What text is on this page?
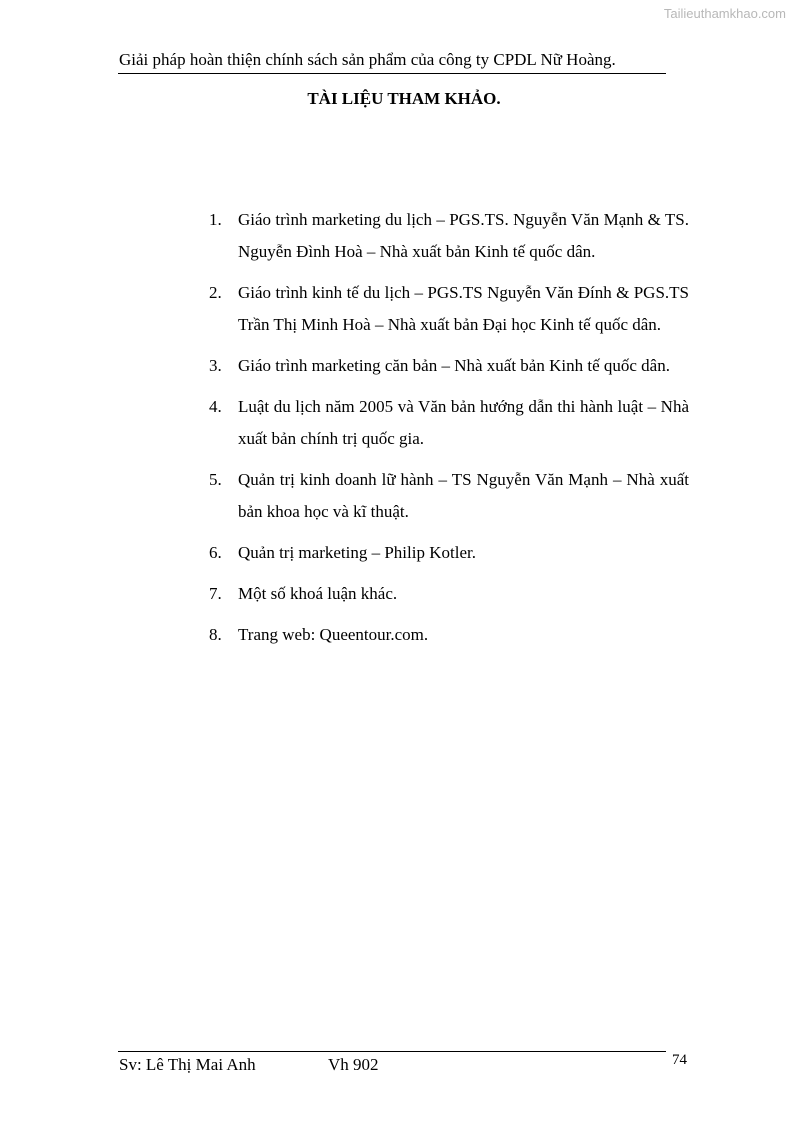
Tailieuthamkhao.com
Giải pháp hoàn thiện chính sách sản phẩm của công ty CPDL Nữ Hoàng.
TÀI LIỆU THAM KHẢO.
1. Giáo trình marketing du lịch – PGS.TS. Nguyễn Văn Mạnh & TS. Nguyễn Đình Hoà – Nhà xuất bản Kinh tế quốc dân.
2. Giáo trình kinh tế du lịch – PGS.TS Nguyễn Văn Đính & PGS.TS Trần Thị Minh Hoà – Nhà xuất bản Đại học Kinh tế quốc dân.
3. Giáo trình marketing căn bản – Nhà xuất bản Kinh tế quốc dân.
4. Luật du lịch năm 2005 và Văn bản hướng dẫn thi hành luật – Nhà xuất bản chính trị quốc gia.
5. Quản trị kinh doanh lữ hành – TS Nguyễn Văn Mạnh – Nhà xuất bản khoa học và kĩ thuật.
6. Quản trị marketing – Philip Kotler.
7. Một số khoá luận khác.
8. Trang web: Queentour.com.
Sv: Lê Thị Mai Anh	Vh 902	74
